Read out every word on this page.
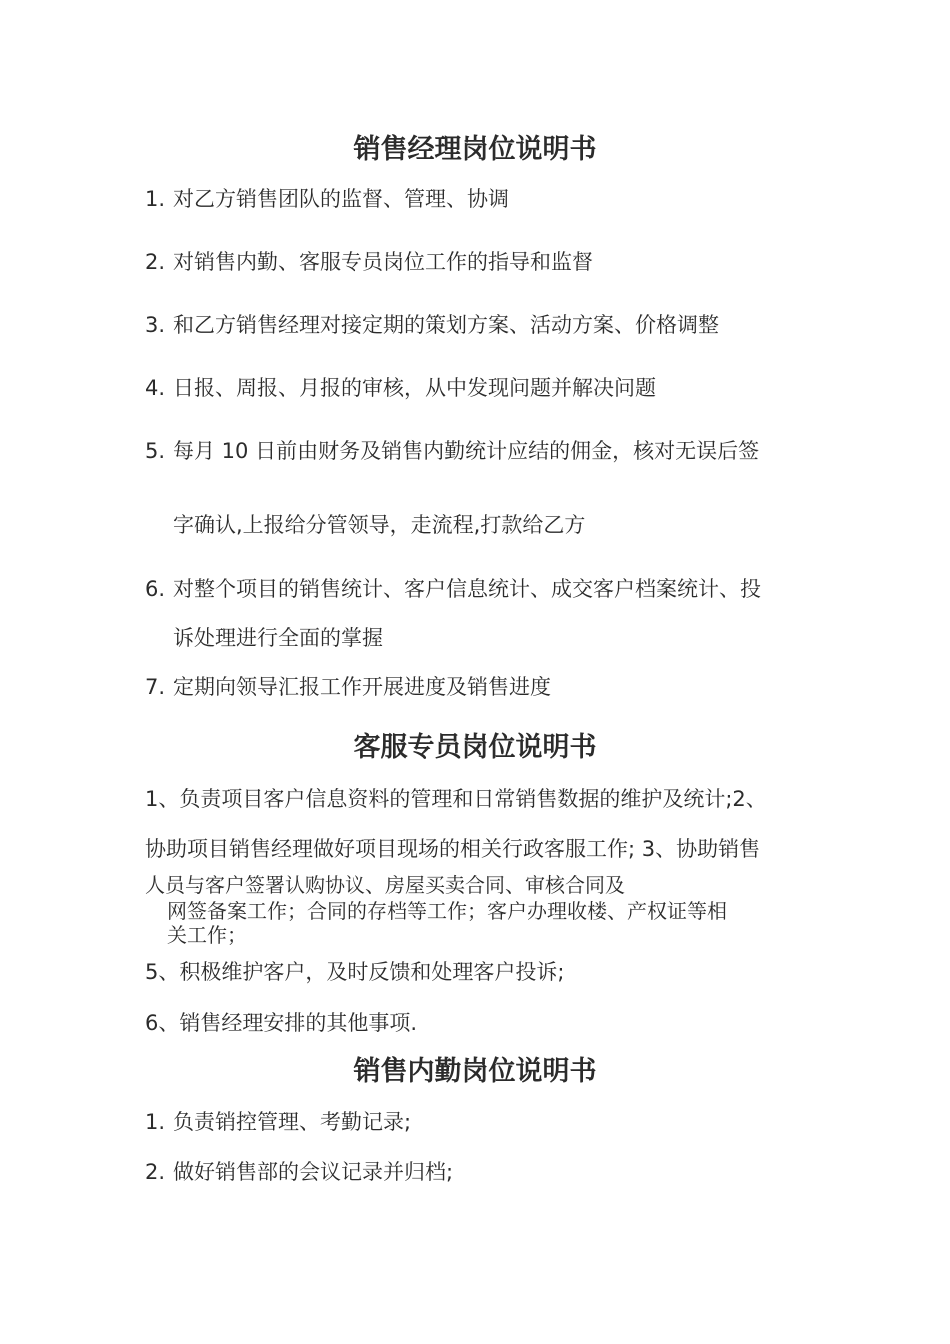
销售经理岗位说明书
1. 对乙方销售团队的监督、管理、协调
2. 对销售内勤、客服专员岗位工作的指导和监督
3. 和乙方销售经理对接定期的策划方案、活动方案、价格调整
4. 日报、周报、月报的审核，从中发现问题并解决问题
5. 每月 10 日前由财务及销售内勤统计应结的佣金，核对无误后签
字确认,上报给分管领导，走流程,打款给乙方
6. 对整个项目的销售统计、客户信息统计、成交客户档案统计、投
诉处理进行全面的掌握
7. 定期向领导汇报工作开展进度及销售进度
客服专员岗位说明书
1、负责项目客户信息资料的管理和日常销售数据的维护及统计;2、
协助项目销售经理做好项目现场的相关行政客服工作; 3、协助销售
人员与客户签署认购协议、房屋买卖合同、审核合同及
网签备案工作；合同的存档等工作；客户办理收楼、产权证等相
关工作；
5、积极维护客户，及时反馈和处理客户投诉;
6、销售经理安排的其他事项.
销售内勤岗位说明书
1. 负责销控管理、考勤记录;
2. 做好销售部的会议记录并归档;
